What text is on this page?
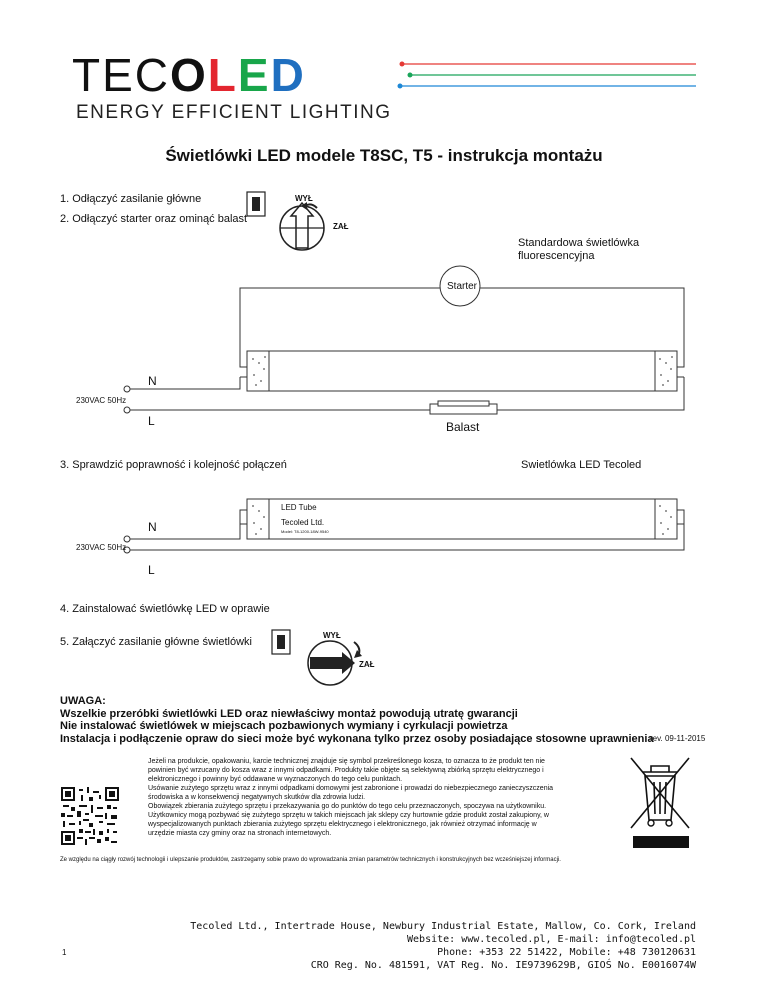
TECOLED
ENERGY EFFICIENT LIGHTING
Świetlówki LED modele T8SC, T5 - instrukcja montażu
1. Odłączyć zasilanie główne
2. Odłączyć starter oraz ominąć balast
WYŁ
ZAŁ
Standardowa świetlówka
fluorescencyjna
Starter
N
230VAC 50Hz
L	Balast
3. Sprawdzić poprawność i kolejność połączeń	Swietlówka LED Tecoled
LED Tube
Tecoled Ltd.
Model: T8-1200-18W-9540
N
230VAC 50Hz
L
4. Zainstalować świetlówkę LED w oprawie
5. Załączyć zasilanie główne świetlówki
WYŁ
ZAŁ
UWAGA:
Wszelkie przeróbki świetlówki LED oraz niewłaściwy montaż powodują utratę gwarancji
Nie instalować świetlówek w miejscach pozbawionych wymiany i cyrkulacji powietrza
Instalacja i podłączenie opraw do sieci może być wykonana tylko przez osoby posiadające stosowne uprawnienia
rev. 09-11-2015
Jeżeli na produkcie, opakowaniu, karcie technicznej znajduje się symbol przekreślonego kosza, to oznacza to że produkt ten nie
powinien być wrzucany do kosza wraz z innymi odpadkami. Produkty takie objęte są selektywną zbiórką sprzętu elektrycznego i
elektronicznego i powinny być oddawane w wyznaczonych do tego celu punktach.
Usówanie zużytego sprzętu wraz z innymi odpadkami domowymi jest zabronione i prowadzi do niebezpiecznego zanieczyszczenia
środowiska a w konsekwencji negatywnych skutków dla zdrowia ludzi.
Obowiązek zbierania zużytego sprzętu i przekazywania go do punktów do tego celu przeznaczonych, spoczywa na użytkowniku.
Użytkownicy mogą pozbywać się zużytego sprzętu w takich miejscach jak sklepy czy hurtownie gdzie produkt został zakupiony, w
wyspecjalizowanych punktach zbierania zużytego sprzętu elektrycznego i elektronicznego, jak również otrzymać informację w
urzędzie miasta czy gminy oraz na stronach internetowych.
Ze względu na ciągły rozwój technologii i ulepszanie produktów, zastrzegamy sobie prawo do wprowadzania zmian parametrów technicznych i konstrukcyjnych bez wcześniejszej informacji.
Tecoled Ltd., Intertrade House, Newbury Industrial Estate, Mallow, Co. Cork, Ireland
Website: www.tecoled.pl, E-mail: info@tecoled.pl
Phone: +353 22 51422, Mobile: +48 730120631
CRO Reg. No. 481591, VAT Reg. No. IE9739629B, GIOŚ No. E0016074W
1
